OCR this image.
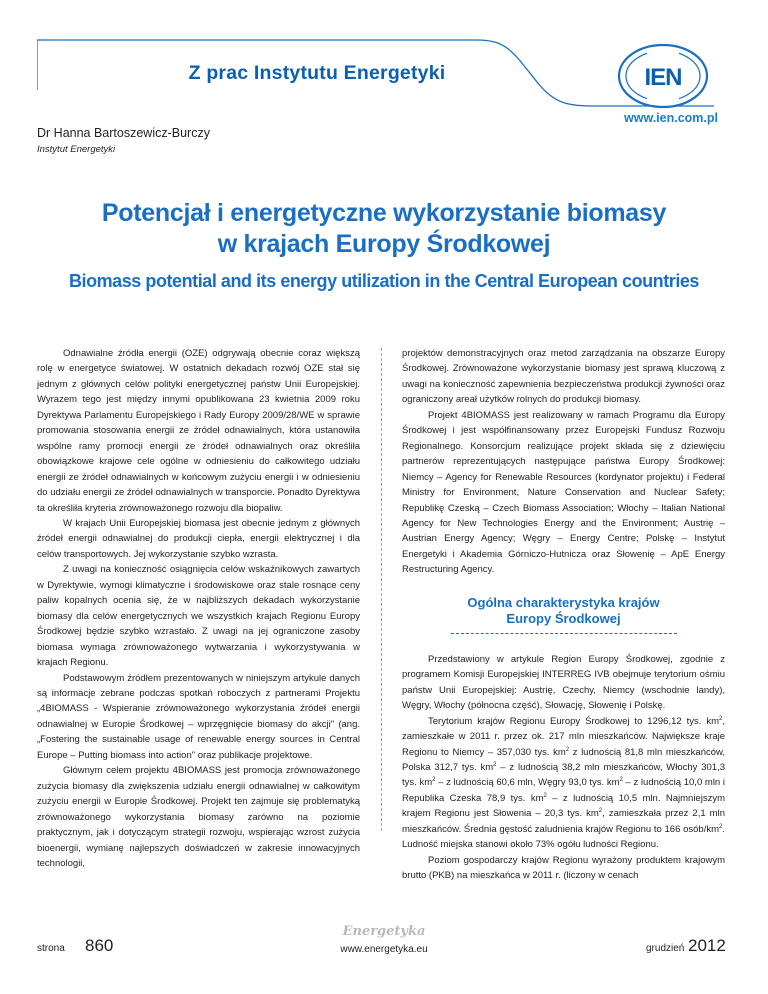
Z prac Instytutu Energetyki	IEN
www.ien.com.pl
Dr Hanna Bartoszewicz-Burczy
Instytut Energetyki
Potencjał i energetyczne wykorzystanie biomasy
w krajach Europy Środkowej
Biomass potential and its energy utilization in the Central European countries

Odnawialne źródła energii (OZE) odgrywają obecnie coraz większą rolę w energetyce światowej. W ostatnich dekadach rozwój OZE stał się jednym z głównych celów polityki energetycznej państw Unii Europejskiej. Wyrazem tego jest między innymi opublikowana 23 kwietnia 2009 roku Dyrektywa Parlamentu Europejskiego i Rady Europy 2009/28/WE w sprawie promowania stosowania energii ze źródeł odnawialnych, która ustanowiła wspólne ramy promocji energii ze źródeł odnawialnych oraz określiła obowiązkowe krajowe cele ogólne w odniesieniu do całkowitego udziału energii ze źródeł odnawialnych w końcowym zużyciu energii i w odniesieniu do udziału energii ze źródeł odnawialnych w transporcie. Ponadto Dyrektywa ta określiła kryteria zrównoważonego rozwoju dla biopaliw.

W krajach Unii Europejskiej biomasa jest obecnie jednym z głównych źródeł energii odnawialnej do produkcji ciepła, energii elektrycznej i dla celów transportowych. Jej wykorzystanie szybko wzrasta.

Z uwagi na konieczność osiągnięcia celów wskaźnikowych zawartych w Dyrektywie, wymogi klimatyczne i środowiskowe oraz stale rosnące ceny paliw kopalnych ocenia się, że w najbliższych dekadach wykorzystanie biomasy dla celów energetycznych we wszystkich krajach Regionu Europy Środkowej będzie szybko wzrastało. Z uwagi na jej ograniczone zasoby biomasa wymaga zrównoważonego wytwarzania i wykorzystywania w krajach Regionu.

Podstawowym źródłem prezentowanych w niniejszym artykule danych są informacje zebrane podczas spotkań roboczych z partnerami Projektu „4BIOMASS - Wspieranie zrównoważonego wykorzystania źródeł energii odnawialnej w Europie Środkowej – wprzęgnięcie biomasy do akcji" (ang. „Fostering the sustainable usage of renewable energy sources in Central Europe – Putting biomass into action" oraz publikacje projektowe.

Głównym celem projektu 4BIOMASS jest promocja zrównoważonego zużycia biomasy dla zwiększenia udziału energii odnawialnej w całkowitym zużyciu energii w Europie Środkowej. Projekt ten zajmuje się problematyką zrównoważonego wykorzystania biomasy zarówno na poziomie praktycznym, jak i dotyczącym strategii rozwoju, wspierając wzrost zużycia bioenergii, wymianę najlepszych doświadczeń w zakresie innowacyjnych technologii,

projektów demonstracyjnych oraz metod zarządzania na obszarze Europy Środkowej. Zrównoważone wykorzystanie biomasy jest sprawą kluczową z uwagi na konieczność zapewnienia bezpieczeństwa produkcji żywności oraz ograniczony areał użytków rolnych do produkcji biomasy.

Projekt 4BIOMASS jest realizowany w ramach Programu dla Europy Środkowej i jest współfinansowany przez Europejski Fundusz Rozwoju Regionalnego. Konsorcjum realizujące projekt składa się z dziewięciu partnerów reprezentujących następujące państwa Europy Środkowej: Niemcy – Agency for Renewable Resources (kordynator projektu) i Federal Ministry for Environment, Nature Conservation and Nuclear Safety; Republikę Czeską – Czech Biomass Association; Włochy – Italian National Agency for New Technologies Energy and the Environment; Austrię – Austrian Energy Agency; Węgry – Energy Centre; Polskę – Instytut Energetyki i Akademia Górniczo-Hutnicza oraz Słowenię – ApE Energy Restructuring Agency.

Ogólna charakterystyka krajów
Europy Środkowej

Przedstawiony w artykule Region Europy Środkowej, zgodnie z programem Komisji Europejskiej INTERREG IVB obejmuje terytorium ośmiu państw Unii Europejskiej: Austrię, Czechy, Niemcy (wschodnie landy), Węgry, Włochy (północna część), Słowację, Słowenię i Polskę.

Terytorium krajów Regionu Europy Środkowej to 1296,12 tys. $km^2$, zamieszkałe w 2011 r. przez ok. 217 mln mieszkańców. Największe kraje Regionu to Niemcy – 357,030 tys. $km^2$ z ludnością 81,8 mln mieszkańców, Polska 312,7 tys. $km^2$ – z ludnością 38,2 mln mieszkańców, Włochy 301,3 tys. $km^2$ – z ludnością 60,6 mln, Węgry 93,0 tys. $km^2$ – z ludnością 10,0 mln i Republika Czeska 78,9 tys. $km^2$ – z ludnością 10,5 mln. Najmniejszym krajem Regionu jest Słowenia – 20,3 tys. $km^2$, zamieszkała przez 2,1 mln mieszkańców. Średnia gęstość zaludnienia krajów Regionu to 166 osób/$km^2$. Ludność miejska stanowi około 73% ogółu ludności Regionu.

Poziom gospodarczy krajów Regionu wyrażony produktem krajowym brutto (PKB) na mieszkańca w 2011 r. (liczony w cenach

strona 860
Energetyka
www.energetyka.eu	grudzień 2012
